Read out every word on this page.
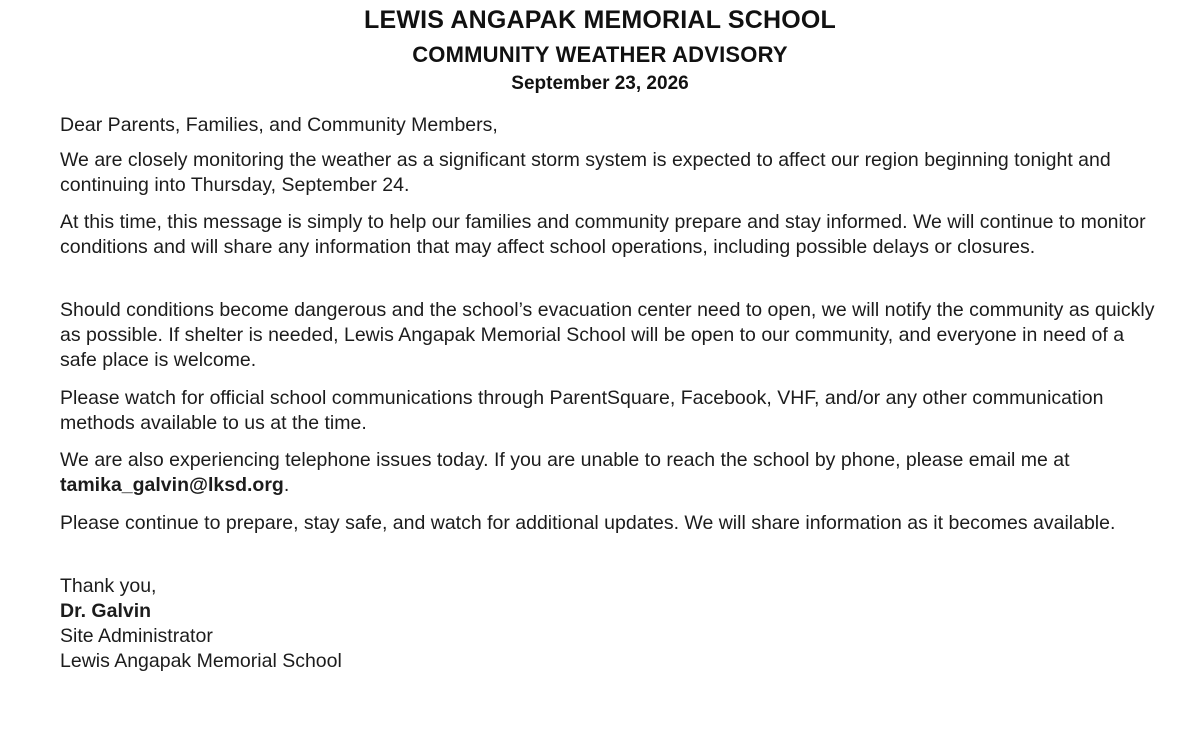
LEWIS ANGAPAK MEMORIAL SCHOOL
COMMUNITY WEATHER ADVISORY
September 23, 2026

Dear Parents, Families, and Community Members,

We are closely monitoring the weather as a significant storm system is expected to affect our region beginning tonight and continuing into Thursday, September 24.

At this time, this message is simply to help our families and community prepare and stay informed. We will continue to monitor conditions and will share any information that may affect school operations, including possible delays or closures.

Should conditions become dangerous and the school’s evacuation center need to open, we will notify the community as quickly as possible. If shelter is needed, Lewis Angapak Memorial School will be open to our community, and everyone in need of a safe place is welcome.

Please watch for official school communications through ParentSquare, Facebook, VHF, and/or any other communication methods available to us at the time.

We are also experiencing telephone issues today. If you are unable to reach the school by phone, please email me at tamika_galvin@lksd.org.

Please continue to prepare, stay safe, and watch for additional updates. We will share information as it becomes available.

Thank you,
Dr. Galvin
Site Administrator
Lewis Angapak Memorial School
